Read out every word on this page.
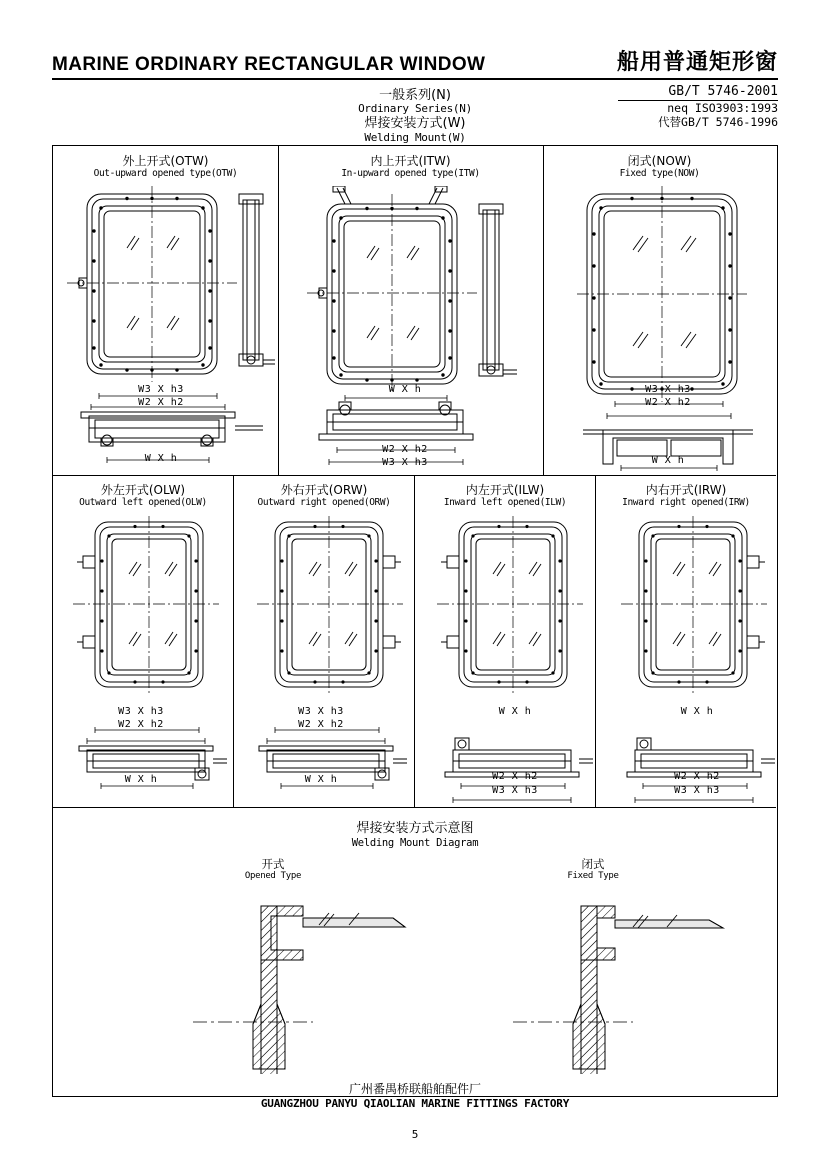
MARINE ORDINARY RECTANGULAR WINDOW	船用普通矩形窗
一般系列(N)
Ordinary Series(N)
焊接安装方式(W)
Welding Mount(W)
GB/T 5746-2001
neq ISO3903:1993
代替GB/T 5746-1996
外上开式(OTW)
Out-upward opened type(OTW)
W3 X h3
W2 X h2
W X h
内上开式(ITW)
In-upward opened type(ITW)
W X h
W2 X h2
W3 X h3
闭式(NOW)
Fixed type(NOW)
W3 X h3
W2 X h2
W X h
外左开式(OLW)
Outward left opened(OLW)
W3 X h3
W2 X h2
W X h
外右开式(ORW)
Outward right opened(ORW)
W3 X h3
W2 X h2
W X h
内左开式(ILW)
Inward left opened(ILW)
W X h
W2 X h2
W3 X h3
内右开式(IRW)
Inward right opened(IRW)
W X h
W2 X h2
W3 X h3
焊接安装方式示意图
Welding Mount Diagram
开式
Opened Type
闭式
Fixed Type
广州番禺桥联船舶配件厂
GUANGZHOU PANYU QIAOLIAN MARINE FITTINGS FACTORY
5
